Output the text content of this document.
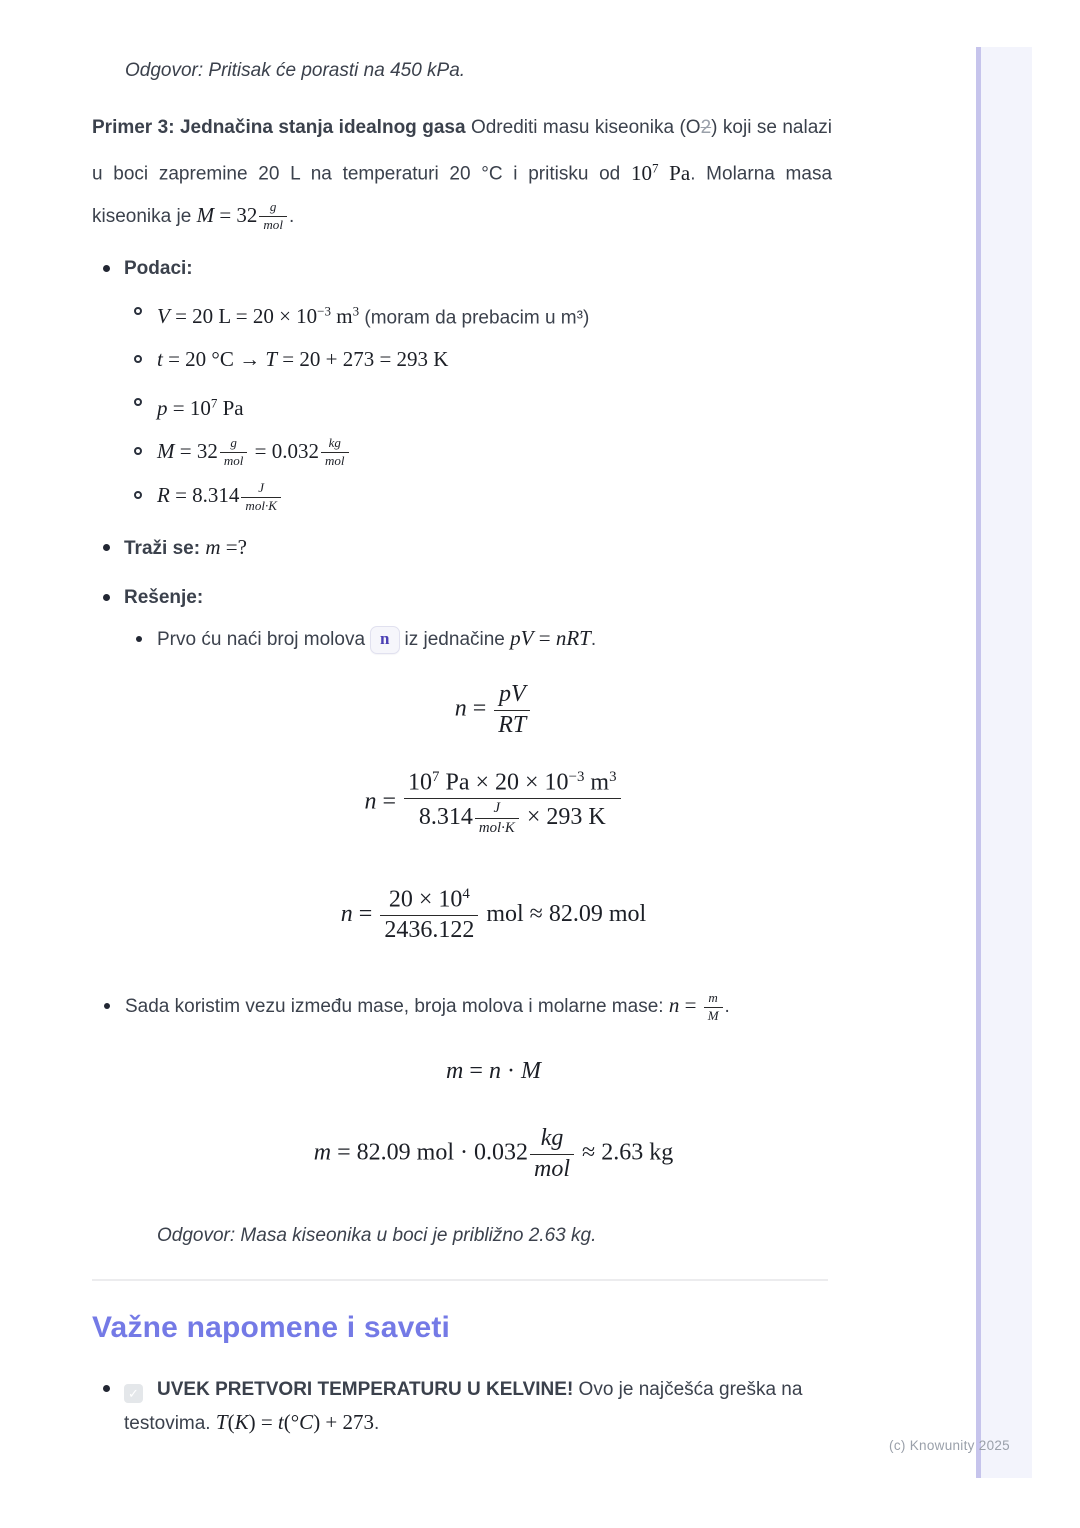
(c) Knowunity 2025

Odgovor: Pritisak će porasti na 450 kPa.

Primer 3: Jednačina stanja idealnog gasa Odrediti masu kiseonika (O2) koji se nalazi u boci zapremine 20 L na temperaturi 20 °C i pritisku od $10^7$ Pa. Molarna masa kiseonika je $M = 32 \frac{g}{\text{mol}}$ .

Podaci:
V = 20 $L = 20 \times 10^{-3}$ $m^3$ (moram da prebacim u m³)
t = 20 °C → T = 20 + 273 = 293 K
$p = 10^7$ Pa
$M = 32 \frac{g}{\text{mol}} = 0.032 \frac{kg}{\text{mol}}$
$R = 8.314 \frac{J}{\text{mol·K}}$
Traži se: m =?
Rešenje:
Prvo ću naći broj molova n iz jednačine pV = nRT.
$n = \frac{pV}{RT}$
$n = \frac{10^7 Pa \times 20 \times 10^{-3} m^3}{8.314 \frac{J}{\text{mol·K}} \times 293 K}$
$n = \frac{20 \times 10^4}{2436.122}$ mol ≈ 82.09 mol
Sada koristim vezu između mase, broja molova i molarne mase: $n = \frac{m}{M}$ .
m = n · M
m = 82.09 mol · $0.032 \frac{kg}{\text{mol}} \approx 2.63$ kg

Odgovor: Masa kiseonika u boci je približno 2.63 kg.

Važne napomene i saveti
✓ UVEK PRETVORI TEMPERATURU U KELVINE! Ovo je najčešća greška na testovima. T(K) = t(°C) + 273.
